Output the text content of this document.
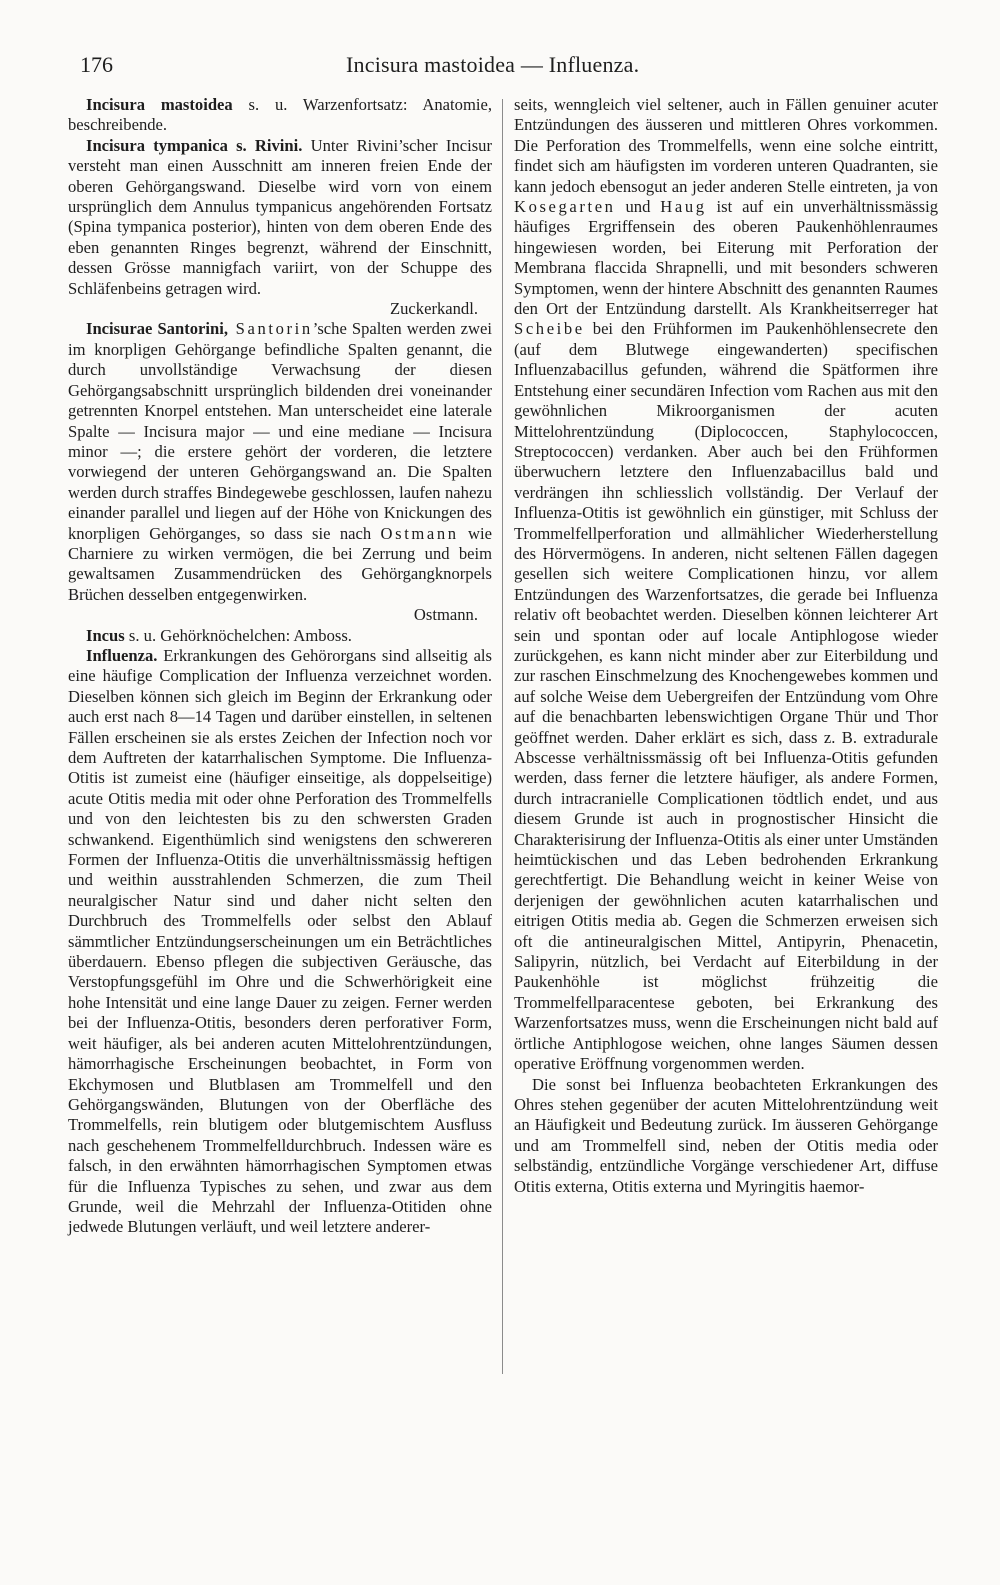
176	Incisura mastoidea — Influenza.

Incisura mastoidea s. u. Warzenfortsatz: Anatomie, beschreibende.

Incisura tympanica s. Rivini. Unter Rivini’scher Incisur versteht man einen Ausschnitt am inneren freien Ende der oberen Gehörgangswand. Dieselbe wird vorn von einem ursprünglich dem Annulus tympanicus angehörenden Fortsatz (Spina tympanica posterior), hinten von dem oberen Ende des eben genannten Ringes begrenzt, während der Einschnitt, dessen Grösse mannigfach variirt, von der Schuppe des Schläfenbeins getragen wird.
Zuckerkandl.

Incisurae Santorini, Santorin’sche Spalten werden zwei im knorpligen Gehörgange befindliche Spalten genannt, die durch unvollständige Verwachsung der diesen Gehörgangsabschnitt ursprünglich bildenden drei voneinander getrennten Knorpel entstehen. Man unterscheidet eine laterale Spalte — Incisura major — und eine mediane — Incisura minor —; die erstere gehört der vorderen, die letztere vorwiegend der unteren Gehörgangswand an. Die Spalten werden durch straffes Bindegewebe geschlossen, laufen nahezu einander parallel und liegen auf der Höhe von Knickungen des knorpligen Gehörganges, so dass sie nach Ostmann wie Charniere zu wirken vermögen, die bei Zerrung und beim gewaltsamen Zusammendrücken des Gehörgangknorpels Brüchen desselben entgegenwirken.
Ostmann.

Incus s. u. Gehörknöchelchen: Amboss.

Influenza. Erkrankungen des Gehörorgans sind allseitig als eine häufige Complication der Influenza verzeichnet worden. Dieselben können sich gleich im Beginn der Erkrankung oder auch erst nach 8—14 Tagen und darüber einstellen, in seltenen Fällen erscheinen sie als erstes Zeichen der Infection noch vor dem Auftreten der katarrhalischen Symptome. Die Influenza-Otitis ist zumeist eine (häufiger einseitige, als doppelseitige) acute Otitis media mit oder ohne Perforation des Trommelfells und von den leichtesten bis zu den schwersten Graden schwankend. Eigenthümlich sind wenigstens den schwereren Formen der Influenza-Otitis die unverhältnissmässig heftigen und weithin ausstrahlenden Schmerzen, die zum Theil neuralgischer Natur sind und daher nicht selten den Durchbruch des Trommelfells oder selbst den Ablauf sämmtlicher Entzündungserscheinungen um ein Beträchtliches überdauern. Ebenso pflegen die subjectiven Geräusche, das Verstopfungsgefühl im Ohre und die Schwerhörigkeit eine hohe Intensität und eine lange Dauer zu zeigen. Ferner werden bei der Influenza-Otitis, besonders deren perforativer Form, weit häufiger, als bei anderen acuten Mittelohrentzündungen, hämorrhagische Erscheinungen beobachtet, in Form von Ekchymosen und Blutblasen am Trommelfell und den Gehörgangswänden, Blutungen von der Oberfläche des Trommelfells, rein blutigem oder blutgemischtem Ausfluss nach geschehenem Trommelfelldurchbruch. Indessen wäre es falsch, in den erwähnten hämorrhagischen Symptomen etwas für die Influenza Typisches zu sehen, und zwar aus dem Grunde, weil die Mehrzahl der Influenza-Otitiden ohne jedwede Blutungen verläuft, und weil letztere anderer-

seits, wenngleich viel seltener, auch in Fällen genuiner acuter Entzündungen des äusseren und mittleren Ohres vorkommen. Die Perforation des Trommelfells, wenn eine solche eintritt, findet sich am häufigsten im vorderen unteren Quadranten, sie kann jedoch ebensogut an jeder anderen Stelle eintreten, ja von Kosegarten und Haug ist auf ein unverhältnissmässig häufiges Ergriffensein des oberen Paukenhöhlenraumes hingewiesen worden, bei Eiterung mit Perforation der Membrana flaccida Shrapnelli, und mit besonders schweren Symptomen, wenn der hintere Abschnitt des genannten Raumes den Ort der Entzündung darstellt. Als Krankheitserreger hat Scheibe bei den Frühformen im Paukenhöhlensecrete den (auf dem Blutwege eingewanderten) specifischen Influenzabacillus gefunden, während die Spätformen ihre Entstehung einer secundären Infection vom Rachen aus mit den gewöhnlichen Mikroorganismen der acuten Mittelohrentzündung (Diplococcen, Staphylococcen, Streptococcen) verdanken. Aber auch bei den Frühformen überwuchern letztere den Influenzabacillus bald und verdrängen ihn schliesslich vollständig. Der Verlauf der Influenza-Otitis ist gewöhnlich ein günstiger, mit Schluss der Trommelfellperforation und allmählicher Wiederherstellung des Hörvermögens. In anderen, nicht seltenen Fällen dagegen gesellen sich weitere Complicationen hinzu, vor allem Entzündungen des Warzenfortsatzes, die gerade bei Influenza relativ oft beobachtet werden. Dieselben können leichterer Art sein und spontan oder auf locale Antiphlogose wieder zurückgehen, es kann nicht minder aber zur Eiterbildung und zur raschen Einschmelzung des Knochengewebes kommen und auf solche Weise dem Uebergreifen der Entzündung vom Ohre auf die benachbarten lebenswichtigen Organe Thür und Thor geöffnet werden. Daher erklärt es sich, dass z. B. extradurale Abscesse verhältnissmässig oft bei Influenza-Otitis gefunden werden, dass ferner die letztere häufiger, als andere Formen, durch intracranielle Complicationen tödtlich endet, und aus diesem Grunde ist auch in prognostischer Hinsicht die Charakterisirung der Influenza-Otitis als einer unter Umständen heimtückischen und das Leben bedrohenden Erkrankung gerechtfertigt. Die Behandlung weicht in keiner Weise von derjenigen der gewöhnlichen acuten katarrhalischen und eitrigen Otitis media ab. Gegen die Schmerzen erweisen sich oft die antineuralgischen Mittel, Antipyrin, Phenacetin, Salipyrin, nützlich, bei Verdacht auf Eiterbildung in der Paukenhöhle ist möglichst frühzeitig die Trommelfellparacentese geboten, bei Erkrankung des Warzenfortsatzes muss, wenn die Erscheinungen nicht bald auf örtliche Antiphlogose weichen, ohne langes Säumen dessen operative Eröffnung vorgenommen werden.

Die sonst bei Influenza beobachteten Erkrankungen des Ohres stehen gegenüber der acuten Mittelohrentzündung weit an Häufigkeit und Bedeutung zurück. Im äusseren Gehörgange und am Trommelfell sind, neben der Otitis media oder selbständig, entzündliche Vorgänge verschiedener Art, diffuse Otitis externa, Otitis externa und Myringitis haemor-
